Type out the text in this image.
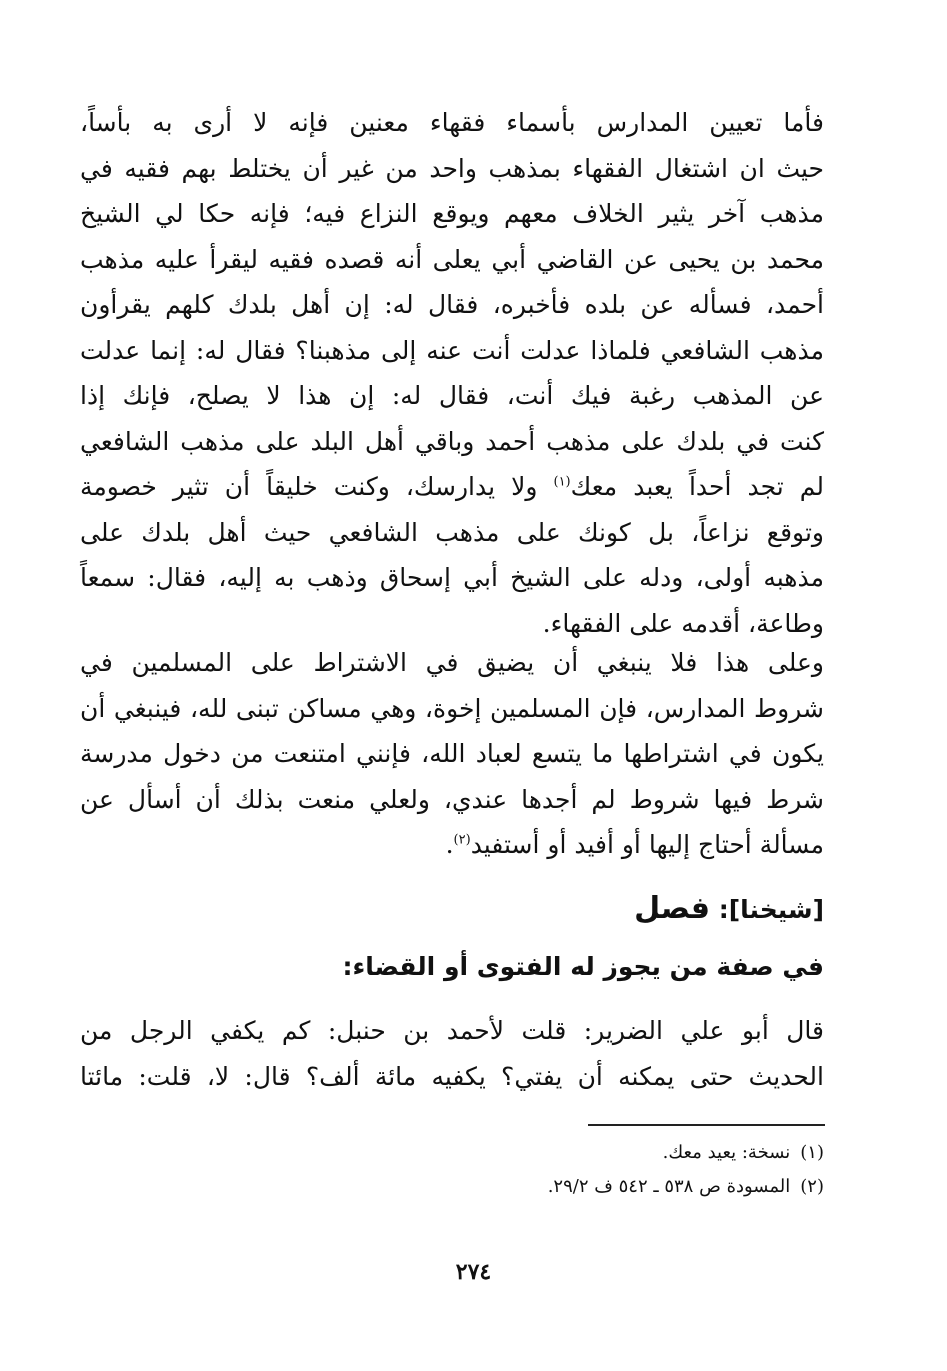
فأما تعيين المدارس بأسماء فقهاء معنين فإنه لا أرى به بأساً،
حيث ان اشتغال الفقهاء بمذهب واحد من غير أن يختلط بهم فقيه في
مذهب آخر يثير الخلاف معهم ويوقع النزاع فيه؛ فإنه حكا لي الشيخ
محمد بن يحيى عن القاضي أبي يعلى أنه قصده فقيه ليقرأ عليه مذهب
أحمد، فسأله عن بلده فأخبره، فقال له: إن أهل بلدك كلهم يقرأون
مذهب الشافعي فلماذا عدلت أنت عنه إلى مذهبنا؟ فقال له: إنما عدلت
عن المذهب رغبة فيك أنت، فقال له: إن هذا لا يصلح، فإنك إذا
كنت في بلدك على مذهب أحمد وباقي أهل البلد على مذهب الشافعي
لم تجد أحداً يعبد معك$^{(١)}$ ولا يدارسك، وكنت خليقاً أن تثير خصومة
وتوقع نزاعاً، بل كونك على مذهب الشافعي حيث أهل بلدك على
مذهبه أولى، ودله على الشيخ أبي إسحاق وذهب به إليه، فقال: سمعاً
وطاعة، أقدمه على الفقهاء.
وعلى هذا فلا ينبغي أن يضيق في الاشتراط على المسلمين في
شروط المدارس، فإن المسلمين إخوة، وهي مساكن تبنى لله، فينبغي أن
يكون في اشتراطها ما يتسع لعباد الله، فإنني امتنعت من دخول مدرسة
شرط فيها شروط لم أجدها عندي، ولعلي منعت بذلك أن أسأل عن
مسألة أحتاج إليها أو أفيد أو أستفيد$^{(٢)}$.
[شيخنا]: فصل
في صفة من يجوز له الفتوى أو القضاء:
قال أبو علي الضرير: قلت لأحمد بن حنبل: كم يكفي الرجل من
الحديث حتى يمكنه أن يفتي؟ يكفيه مائة ألف؟ قال: لا، قلت: مائتا
(١)نسخة: يعيد معك.
(٢)المسودة ص ٥٣٨ ـ ٥٤٢ ف ٢٩/٢.
٢٧٤
